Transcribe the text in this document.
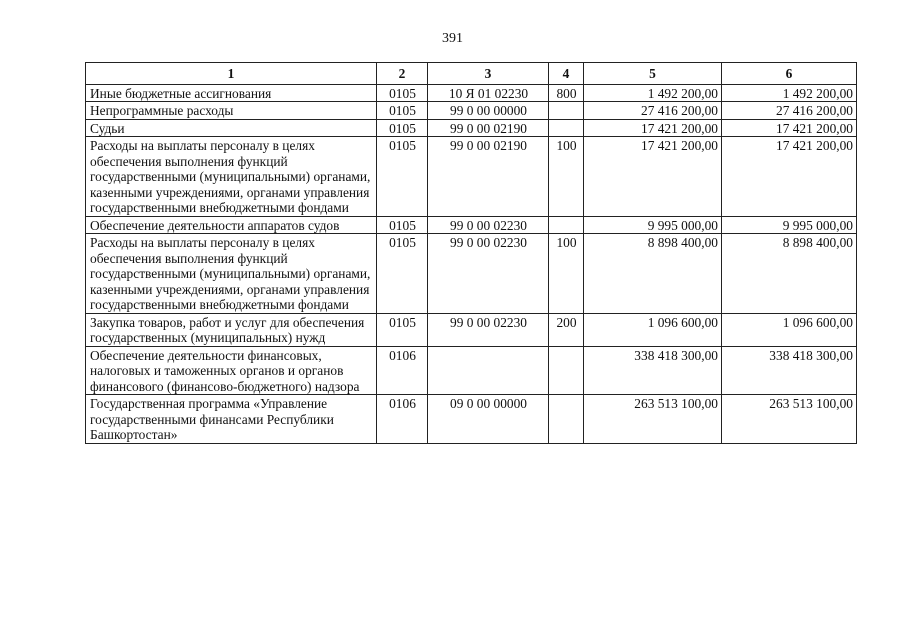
391
1	2	3	4	5	6
Иные бюджетные ассигнования	0105	10 Я 01 02230	800	1 492 200,00	1 492 200,00
Непрограммные расходы	0105	99 0 00 00000		27 416 200,00	27 416 200,00
Судьи	0105	99 0 00 02190		17 421 200,00	17 421 200,00
Расходы на выплаты персоналу в целях обеспечения выполнения функций государственными (муниципальными) органами, казенными учреждениями, органами управления государственными внебюджетными фондами	0105	99 0 00 02190	100	17 421 200,00	17 421 200,00
Обеспечение деятельности аппаратов судов	0105	99 0 00 02230		9 995 000,00	9 995 000,00
Расходы на выплаты персоналу в целях обеспечения выполнения функций государственными (муниципальными) органами, казенными учреждениями, органами управления государственными внебюджетными фондами	0105	99 0 00 02230	100	8 898 400,00	8 898 400,00
Закупка товаров, работ и услуг для обеспечения государственных (муниципальных) нужд	0105	99 0 00 02230	200	1 096 600,00	1 096 600,00
Обеспечение деятельности финансовых, налоговых и таможенных органов и органов финансового (финансово-бюджетного) надзора	0106			338 418 300,00	338 418 300,00
Государственная программа «Управление государственными финансами Республики Башкортостан»	0106	09 0 00 00000		263 513 100,00	263 513 100,00
